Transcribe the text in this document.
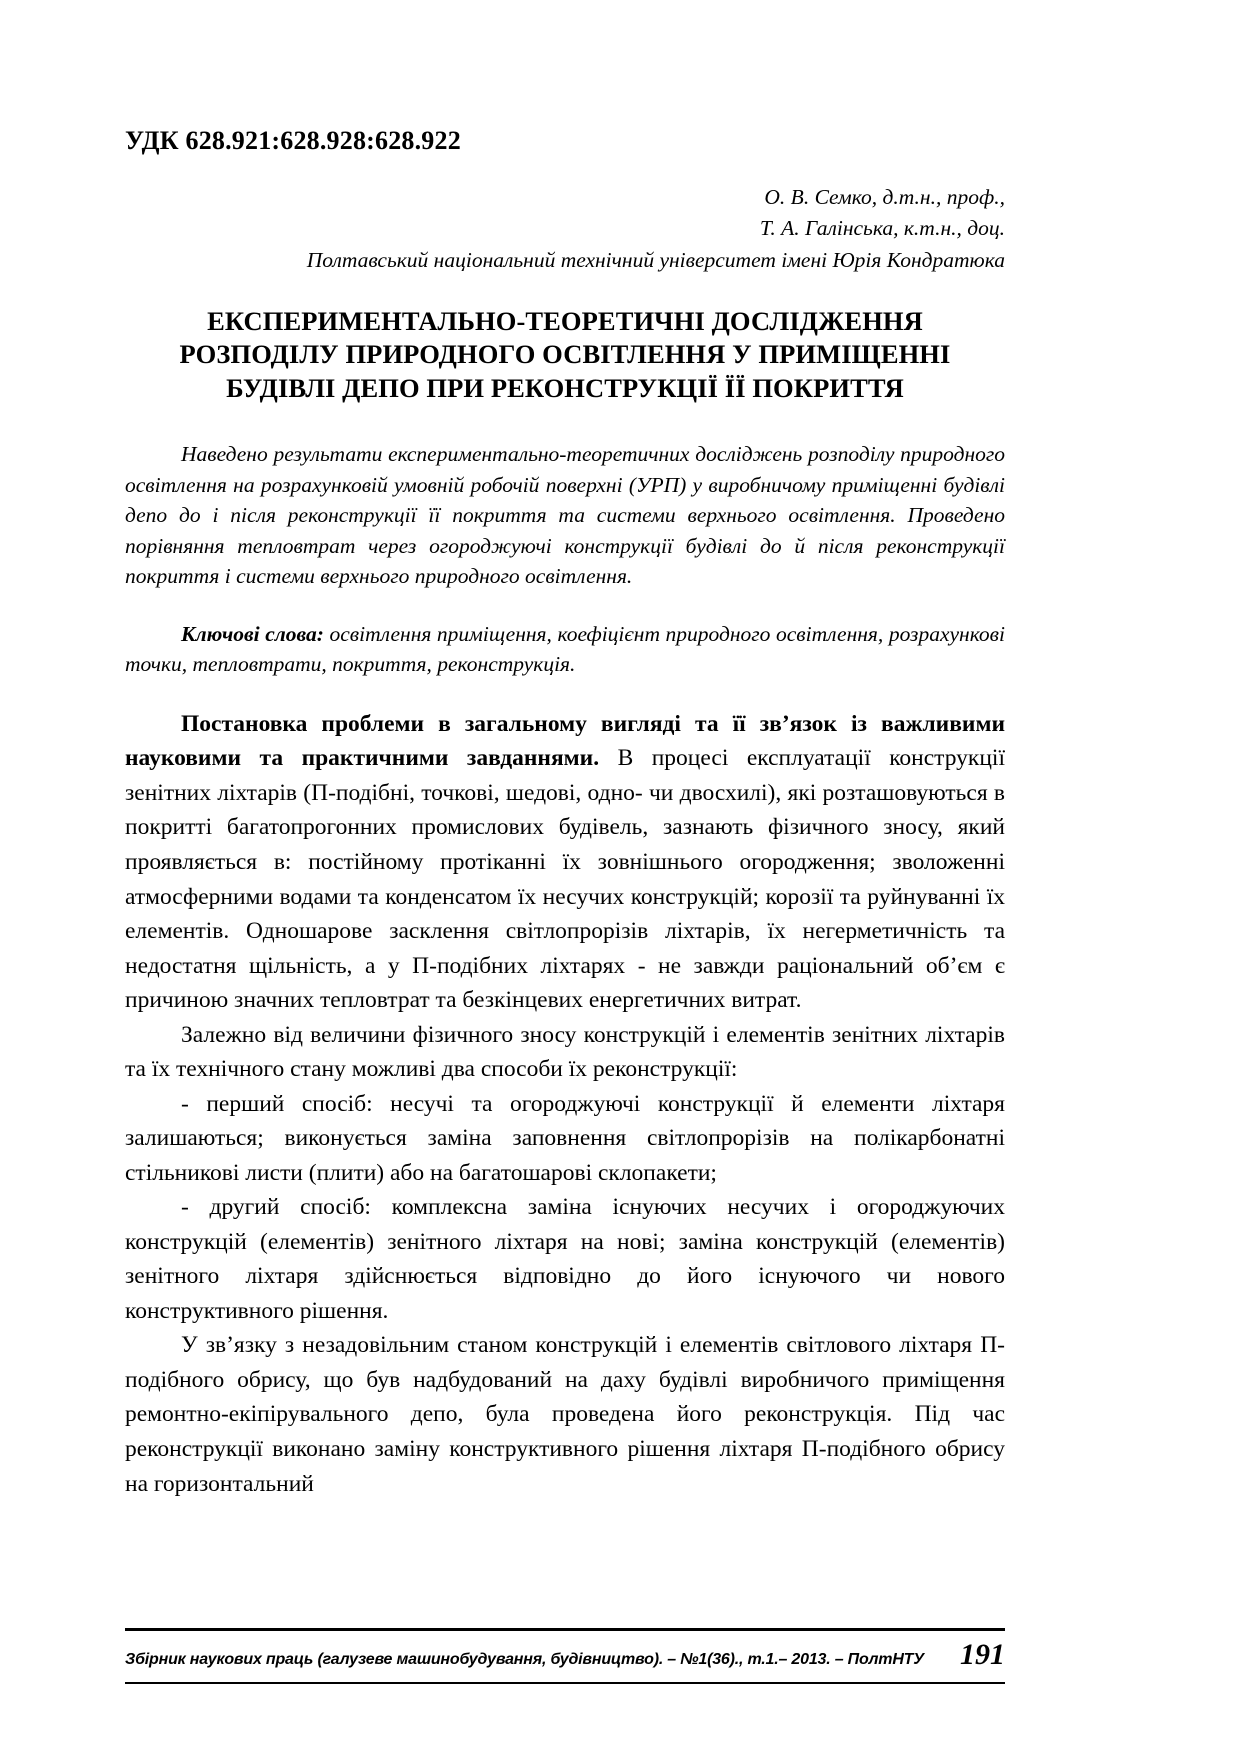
УДК 628.921:628.928:628.922
О. В. Семко, д.т.н., проф.,
Т. А. Галінська, к.т.н., доц.
Полтавський національний технічний університет імені Юрія Кондратюка
ЕКСПЕРИМЕНТАЛЬНО-ТЕОРЕТИЧНІ ДОСЛІДЖЕННЯ
РОЗПОДІЛУ ПРИРОДНОГО ОСВІТЛЕННЯ У ПРИМІЩЕННІ
БУДІВЛІ ДЕПО ПРИ РЕКОНСТРУКЦІЇ ЇЇ ПОКРИТТЯ
Наведено результати експериментально-теоретичних досліджень розподілу природного освітлення на розрахунковій умовній робочій поверхні (УРП) у виробничому приміщенні будівлі депо до і після реконструкції її покриття та системи верхнього освітлення. Проведено порівняння тепловтрат через огороджуючі конструкції будівлі до й після реконструкції покриття і системи верхнього природного освітлення.
Ключові слова: освітлення приміщення, коефіцієнт природного освітлення, розрахункові точки, тепловтрати, покриття, реконструкція.

Постановка проблеми в загальному вигляді та її зв’язок із важливими науковими та практичними завданнями. В процесі експлуатації конструкції зенітних ліхтарів (П-подібні, точкові, шедові, одно- чи двосхилі), які розташовуються в покритті багатопрогонних промислових будівель, зазнають фізичного зносу, який проявляється в: постійному протіканні їх зовнішнього огородження; зволоженні атмосферними водами та конденсатом їх несучих конструкцій; корозії та руйнуванні їх елементів. Одношарове засклення світлопрорізів ліхтарів, їх негерметичність та недостатня щільність, а у П-подібних ліхтарях - не завжди раціональний об’єм є причиною значних тепловтрат та безкінцевих енергетичних витрат.

Залежно від величини фізичного зносу конструкцій і елементів зенітних ліхтарів та їх технічного стану можливі два способи їх реконструкції:

- перший спосіб: несучі та огороджуючі конструкції й елементи ліхтаря залишаються; виконується заміна заповнення світлопрорізів на полікарбонатні стільникові листи (плити) або на багатошарові склопакети;

- другий спосіб: комплексна заміна існуючих несучих і огороджуючих конструкцій (елементів) зенітного ліхтаря на нові; заміна конструкцій (елементів) зенітного ліхтаря здійснюється відповідно до його існуючого чи нового конструктивного рішення.

У зв’язку з незадовільним станом конструкцій і елементів світлового ліхтаря П-подібного обрису, що був надбудований на даху будівлі виробничого приміщення ремонтно-екіпірувального депо, була проведена його реконструкція. Під час реконструкції виконано заміну конструктивного рішення ліхтаря П-подібного обрису на горизонтальний

Збірник наукових праць (галузеве машинобудування, будівництво). – №1(36)., т.1.– 2013. – ПолтНТУ	191
